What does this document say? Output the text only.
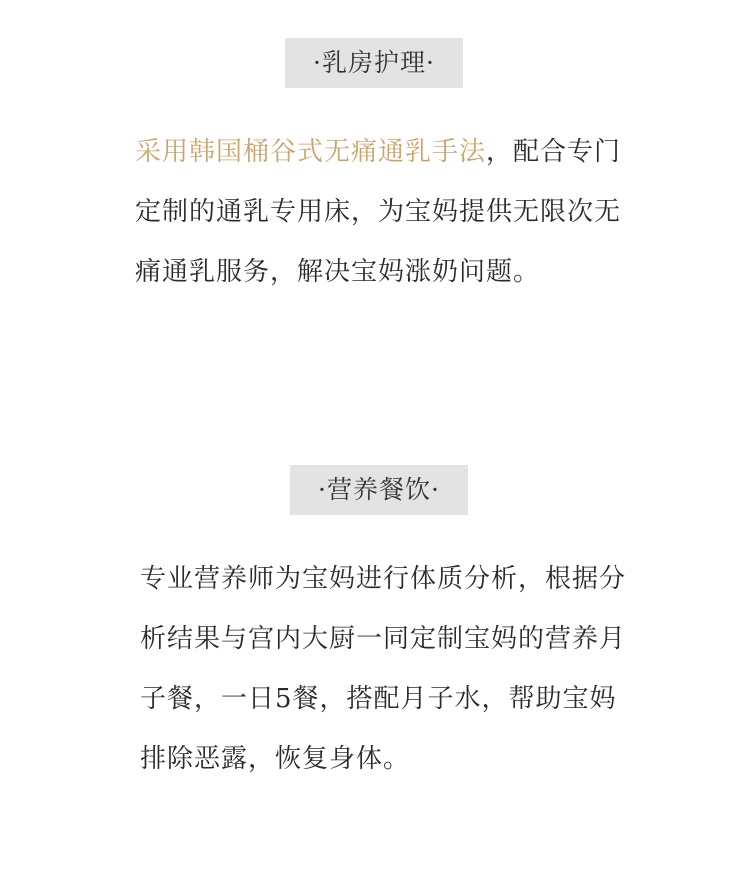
·乳房护理·

采用韩国桶谷式无痛通乳手法，配合专门定制的通乳专用床，为宝妈提供无限次无痛通乳服务，解决宝妈涨奶问题。

·营养餐饮·

专业营养师为宝妈进行体质分析，根据分析结果与宫内大厨一同定制宝妈的营养月子餐，一日5餐，搭配月子水，帮助宝妈排除恶露，恢复身体。
